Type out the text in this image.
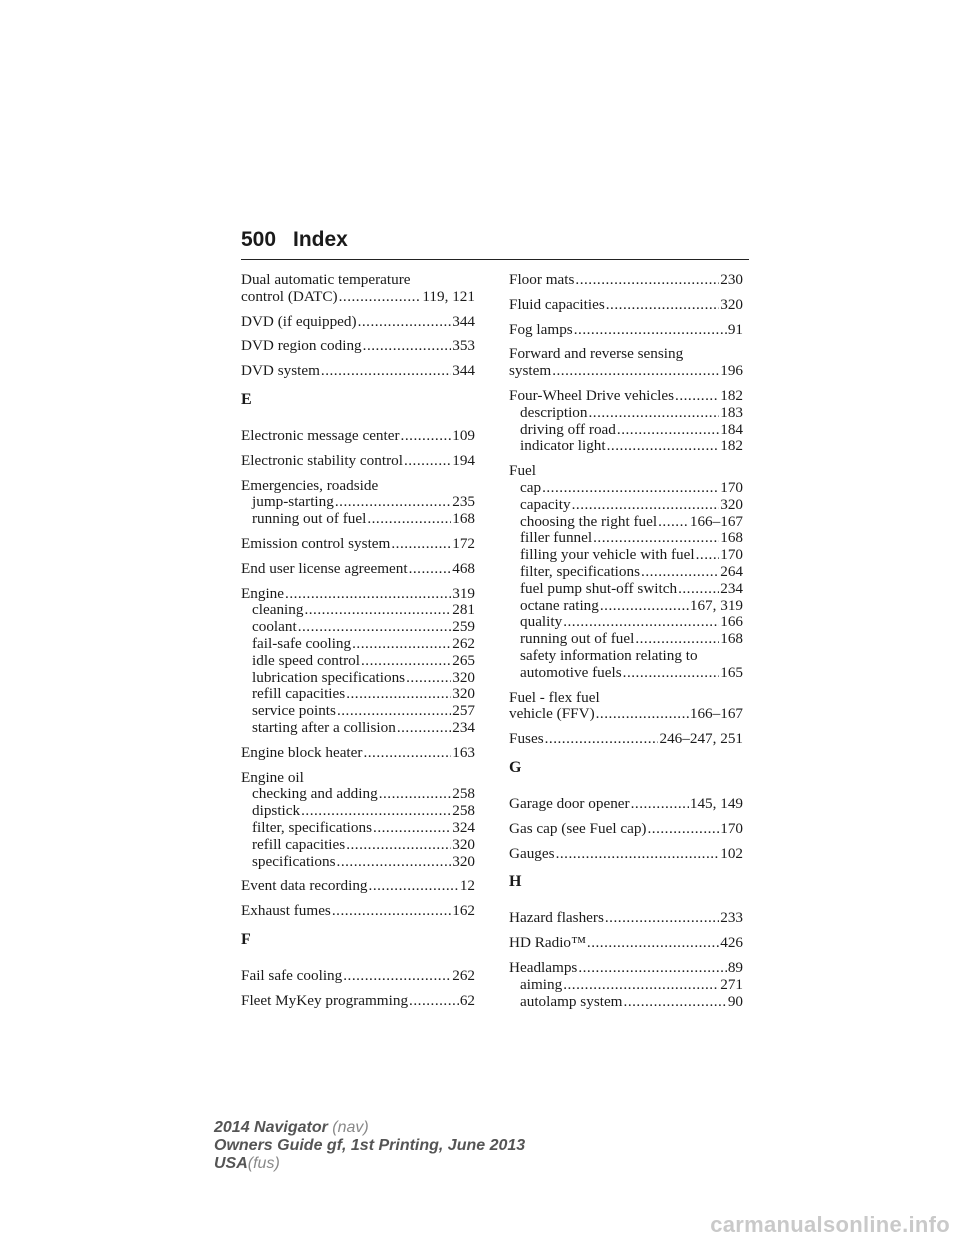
500 Index
Dual automatic temperature
control (DATC) .....	119, 121
DVD (if equipped) .....	344
DVD region coding .....	353
DVD system .....	344
E
Electronic message center .....	109
Electronic stability control .....	194
Emergencies, roadside
jump-starting .....	235
running out of fuel .....	168
Emission control system .....	172
End user license agreement .....	468
Engine .....	319
cleaning .....	281
coolant .....	259
fail-safe cooling .....	262
idle speed control .....	265
lubrication specifications .....	320
refill capacities .....	320
service points .....	257
starting after a collision .....	234
Engine block heater .....	163
Engine oil
checking and adding .....	258
dipstick .....	258
filter, specifications .....	324
refill capacities .....	320
specifications .....	320
Event data recording .....	12
Exhaust fumes .....	162
F
Fail safe cooling .....	262
Fleet MyKey programming .....	62
Floor mats .....	230
Fluid capacities .....	320
Fog lamps .....	91
Forward and reverse sensing
system .....	196
Four-Wheel Drive vehicles .....	182
description .....	183
driving off road .....	184
indicator light .....	182
Fuel
cap .....	170
capacity .....	320
choosing the right fuel ..... 166–167
filler funnel .....	168
filling your vehicle with fuel ..... 170
filter, specifications .....	264
fuel pump shut-off switch .....	234
octane rating .....	167, 319
quality .....	166
running out of fuel .....	168
safety information relating to
automotive fuels .....	165
Fuel - flex fuel
vehicle (FFV) .....	166–167
Fuses .....	246–247, 251
G
Garage door opener .....	145, 149
Gas cap (see Fuel cap) .....	170
Gauges .....	102
H
Hazard flashers .....	233
HD Radio™ .....	426
Headlamps .....	89
aiming .....	271
autolamp system .....	90
2014 Navigator (nav)
Owners Guide gf, 1st Printing, June 2013
USA(fus)
carmanualsonline.info
